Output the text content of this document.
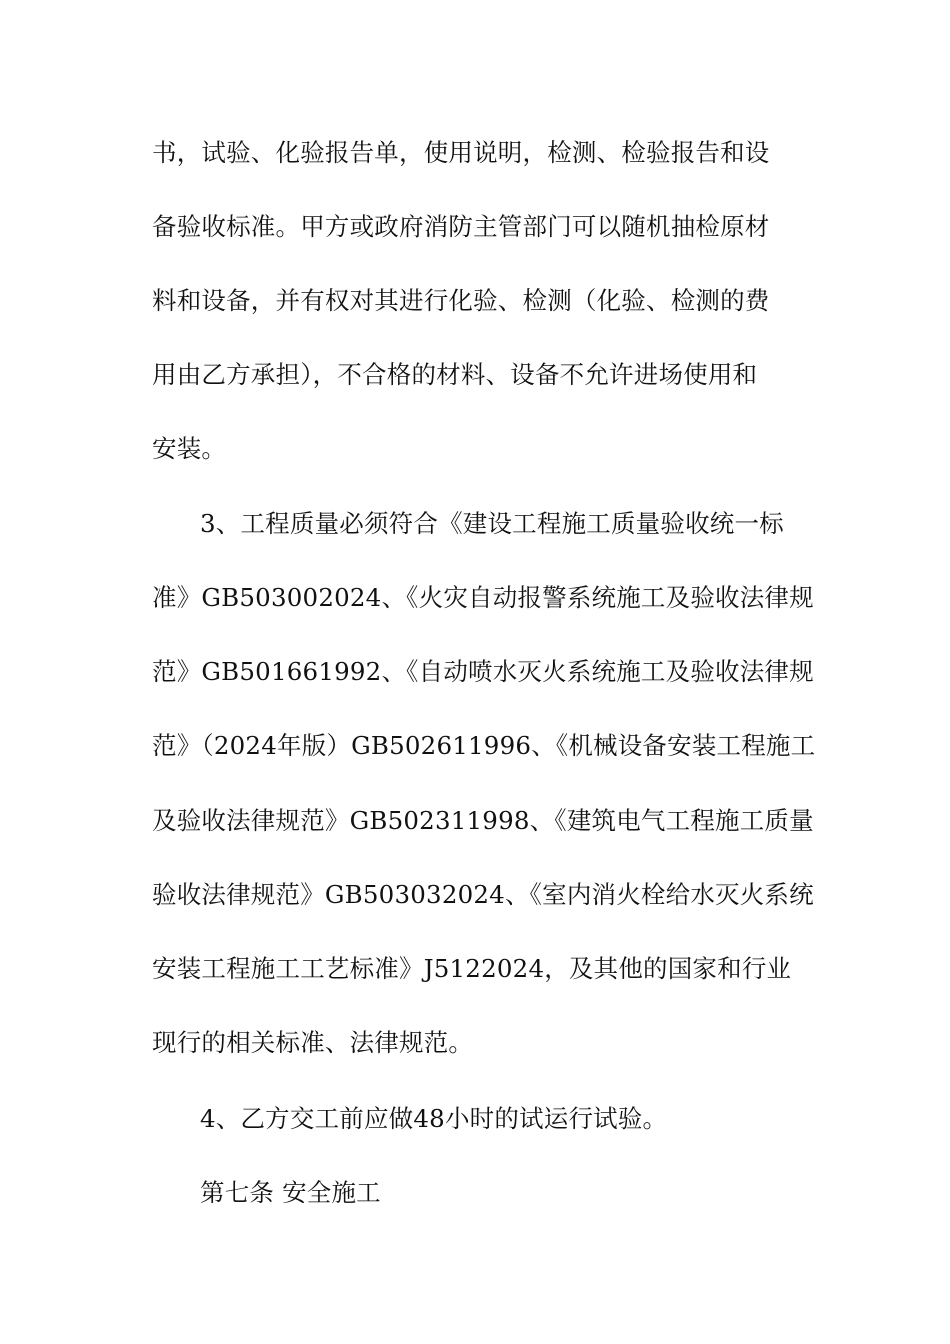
书，试验、化验报告单，使用说明，检测、检验报告和设
备验收标准。甲方或政府消防主管部门可以随机抽检原材
料和设备，并有权对其进行化验、检测（化验、检测的费
用由乙方承担），不合格的材料、设备不允许进场使用和
安装。
3、工程质量必须符合《建设工程施工质量验收统一标
准》GB503002024、《火灾自动报警系统施工及验收法律规
范》GB501661992、《自动喷水灭火系统施工及验收法律规
范》（2024年版）GB502611996、《机械设备安装工程施工
及验收法律规范》GB502311998、《建筑电气工程施工质量
验收法律规范》GB503032024、《室内消火栓给水灭火系统
安装工程施工工艺标准》J5122024，及其他的国家和行业
现行的相关标准、法律规范。
4、乙方交工前应做48小时的试运行试验。
第七条 安全施工
